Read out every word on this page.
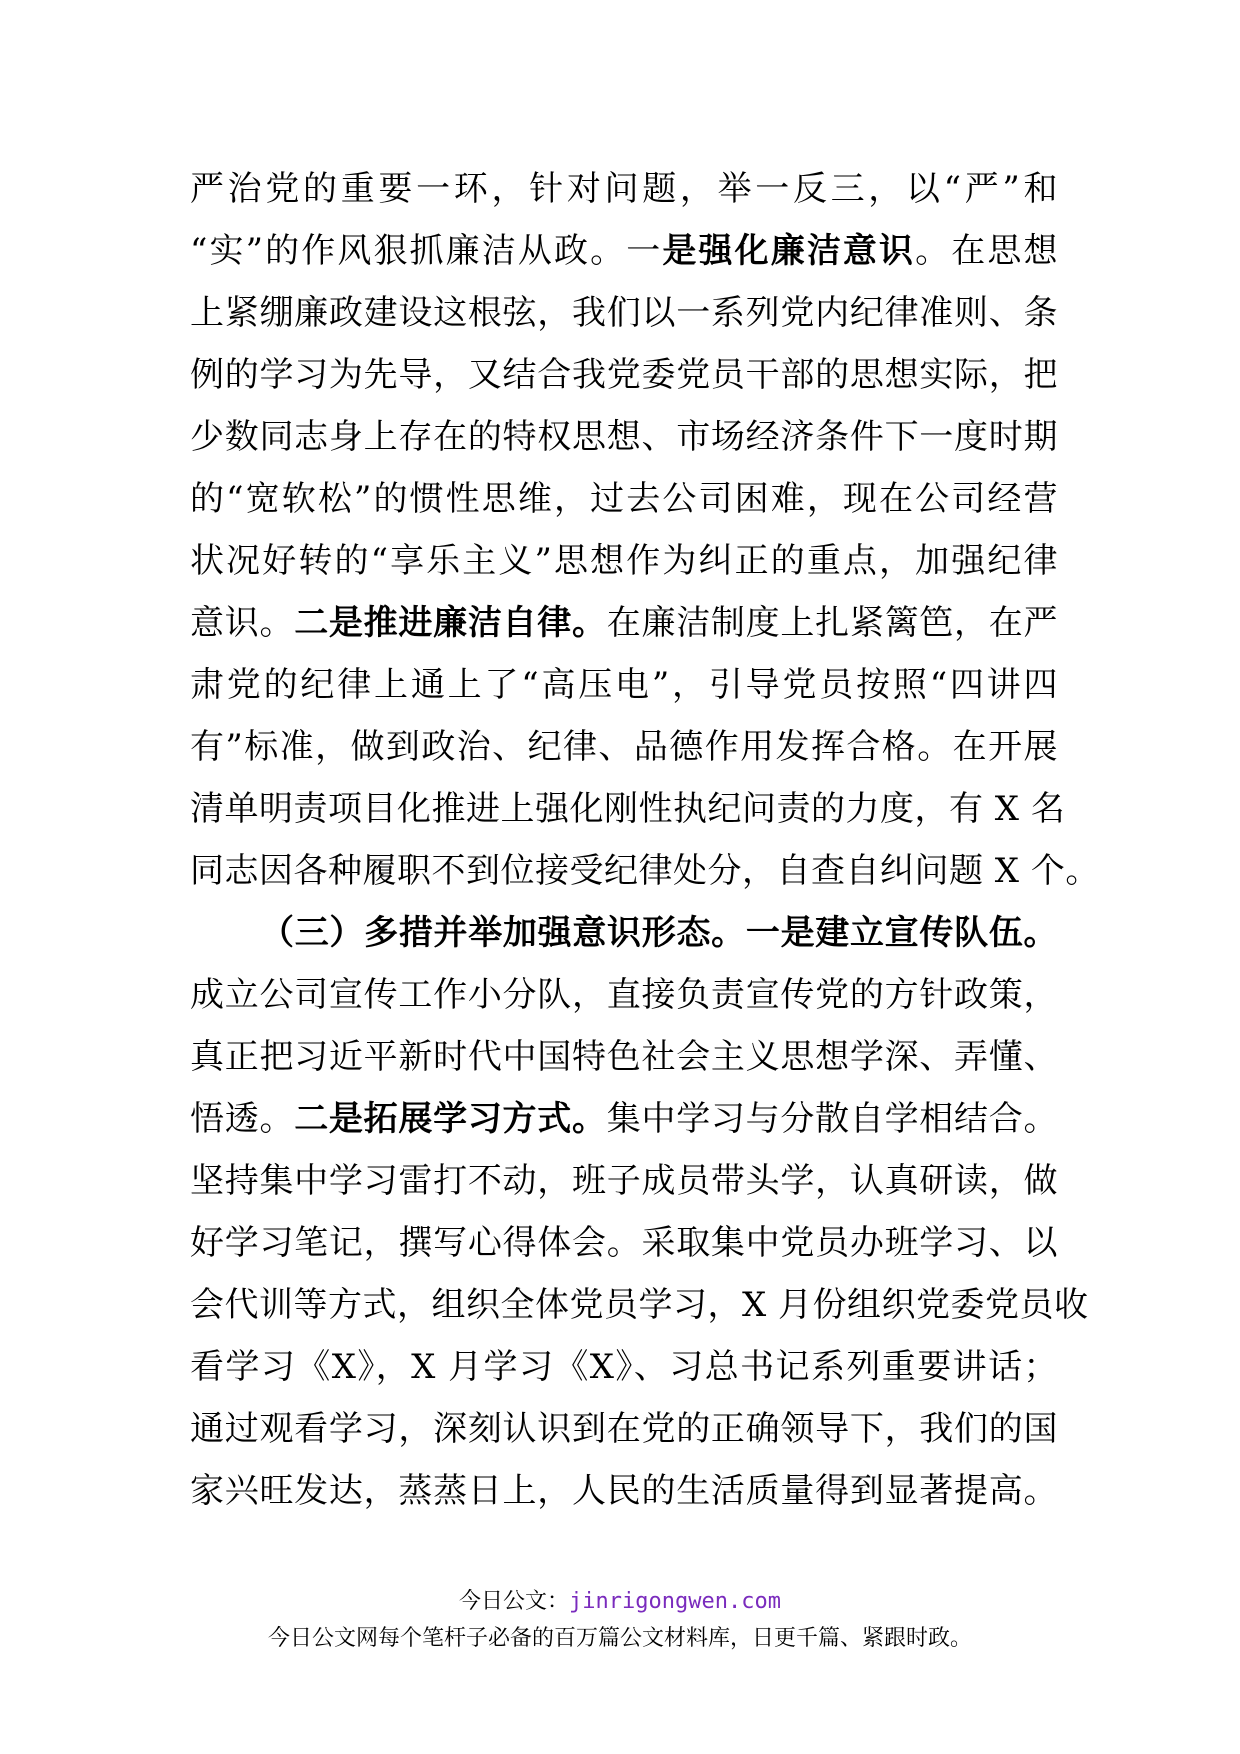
严治党的重要一环，针对问题，举一反三，以“严”和
“实”的作风狠抓廉洁从政。一是强化廉洁意识。在思想
上紧绷廉政建设这根弦，我们以一系列党内纪律准则、条
例的学习为先导，又结合我党委党员干部的思想实际，把
少数同志身上存在的特权思想、市场经济条件下一度时期
的“宽软松”的惯性思维，过去公司困难，现在公司经营
状况好转的“享乐主义”思想作为纠正的重点，加强纪律
意识。二是推进廉洁自律。在廉洁制度上扎紧篱笆，在严
肃党的纪律上通上了“高压电”，引导党员按照“四讲四
有”标准，做到政治、纪律、品德作用发挥合格。在开展
清单明责项目化推进上强化刚性执纪问责的力度，有 X 名
同志因各种履职不到位接受纪律处分，自查自纠问题 X 个。
（三）多措并举加强意识形态。一是建立宣传队伍。
成立公司宣传工作小分队，直接负责宣传党的方针政策，
真正把习近平新时代中国特色社会主义思想学深、弄懂、
悟透。二是拓展学习方式。集中学习与分散自学相结合。
坚持集中学习雷打不动，班子成员带头学，认真研读，做
好学习笔记，撰写心得体会。采取集中党员办班学习、以
会代训等方式，组织全体党员学习，X 月份组织党委党员收
看学习《X》，X 月学习《X》、习总书记系列重要讲话；
通过观看学习，深刻认识到在党的正确领导下，我们的国
家兴旺发达，蒸蒸日上，人民的生活质量得到显著提高。
今日公文：jinrigongwen.com
今日公文网每个笔杆子必备的百万篇公文材料库，日更千篇、紧跟时政。
